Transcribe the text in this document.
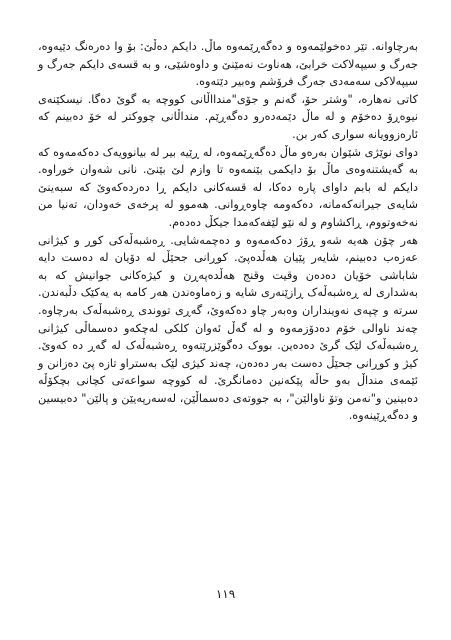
بەرچاوانە. تێر دەخولێمەوە و دەگەڕێمەوە ماڵ. دایکم دەڵێ: بۆ وا دەرەنگ دێیەوە، جەرگ و سیپەلاکت خرابێ، هەناوت نەمێنێ و داوەشێی، و بە قسەی دایکم جەرگ و سیپەلاکی سەمەدی جەرگ فرۆشم وەبیر دێتەوە.

کاتی نەهارە، "وشتر حۆ، گەنم و جۆی"مندااڵانی کووچە بە گوێ دەگا. نیسکێنەی نیوەڕۆ دەخۆم و لە ماڵ دێمەدەرو دەگەڕێم. منداڵانی چووکتر لە خۆ دەبینم کە ئارەزوویانە سواری کەر بن.

دوای نوێژی شێوان بەرەو ماڵ دەگەڕێمەوە، لە ڕێیە بیر لە بیانوویەک دەکەمەوە کە بە گەیشتنەوەی ماڵ بۆ دایکمی بێنمەوە تا وازم لێ بێنێ. نانی شەوان خوراوە. دایکم لە بابم داوای پارە دەکا، لە قسەکانی دایکم ڕا دەردەکەوێ کە سبەینێ شایەی جیرانەکەمانە، دەکەومە چاوەڕوانی. هەموو لە پرخەی خەودان، تەنیا من نەخەوتووم، ڕاکشاوم و لە نێو لێفەکەمدا جیکڵ دەدەم.

هەر چۆن هەیە شەو ڕۆژ دەکەمەوە و دەچمەشایی. ڕەشبەڵەکی کوڕ و کیژانی عەزەب دەبینم، شایەر پێیان هەڵدەپێ. کوڕانی جحێڵ لە دۆیان لە دەست دایە شاباشی خۆیان دەدەن وقیت وقنج هەڵدەپەڕن و کیژەکانی جوانیش کە بە بەشداری لە ڕەشبەڵەک ڕازێنەری شایە و زەماوەندن هەر کامە بە یەکێک دڵبەندن. سرتە و چپەی نەوینداران وەبەر چاو دەکەوێ، گەڕی تووندی ڕەشبەڵەک بەرچاوە. چەند ناوالی خۆم دەدۆزمەوە و لە گەڵ ئەوان کلکی لەچکەو دەسماڵی کیژانی ڕەشبەڵەک لێک گرێ دەدەین. بووک دەگوێزرێتەوە ڕەشبەڵەک لە گەڕ دە کەوێ. کیژ و کوڕانی جحێڵ دەست بەر دەدەن، چەند کیژی لێک بەستراو تازە پێ دەزانن و ئێمەی منداڵ بەو حاڵە پێکەنین دەمانگرێ. لە کووچە سواعەتی کچانی بچکۆڵە دەبینین و"نەمن وتۆ ناوالێن"، بە جووتەی دەسماڵێن، لەسەرپەیێن و پالێن" دەبیسین و دەگەڕێینەوە.

١١٩
